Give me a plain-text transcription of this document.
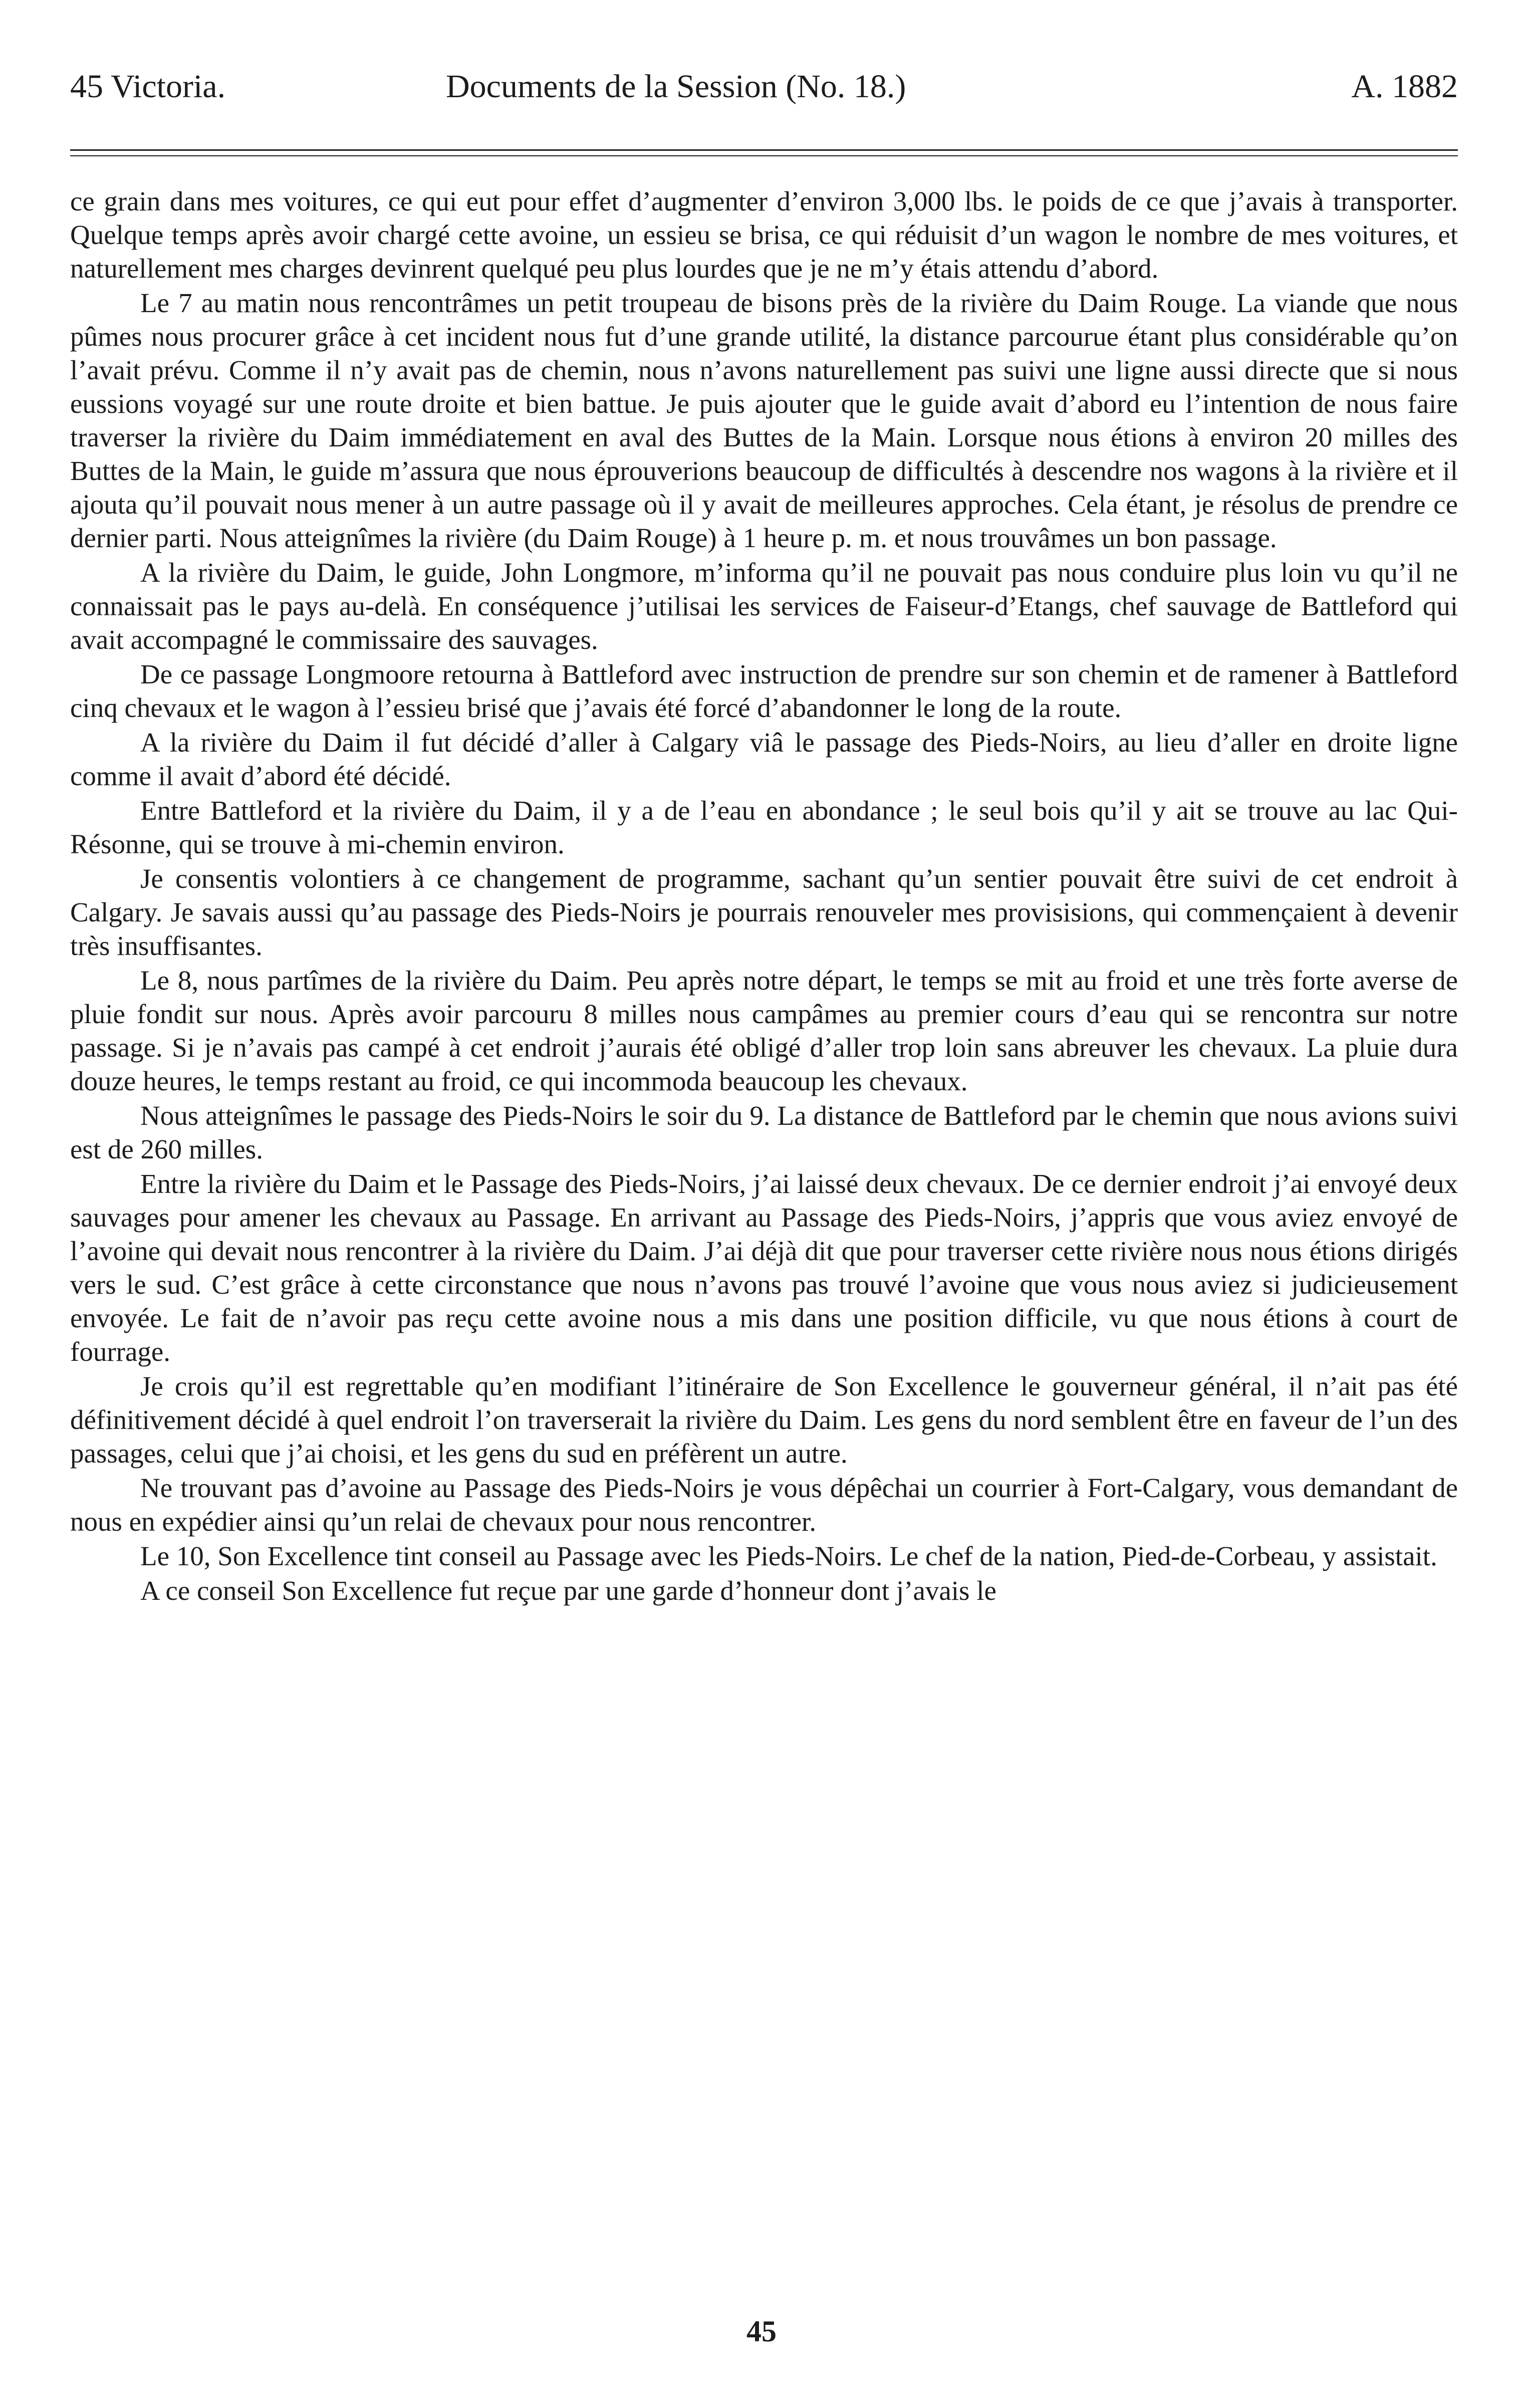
45 Victoria.	Documents de la Session (No. 18.)	A. 1882

ce grain dans mes voitures, ce qui eut pour effet d’augmenter d’environ 3,000 lbs. le poids de ce que j’avais à transporter. Quelque temps après avoir chargé cette avoine, un essieu se brisa, ce qui réduisit d’un wagon le nombre de mes voitures, et naturellement mes charges devinrent quelqué peu plus lourdes que je ne m’y étais attendu d’abord.

Le 7 au matin nous rencontrâmes un petit troupeau de bisons près de la rivière du Daim Rouge. La viande que nous pûmes nous procurer grâce à cet incident nous fut d’une grande utilité, la distance parcourue étant plus considérable qu’on l’avait prévu. Comme il n’y avait pas de chemin, nous n’avons naturellement pas suivi une ligne aussi directe que si nous eussions voyagé sur une route droite et bien battue. Je puis ajouter que le guide avait d’abord eu l’intention de nous faire traverser la rivière du Daim immédiatement en aval des Buttes de la Main. Lorsque nous étions à environ 20 milles des Buttes de la Main, le guide m’assura que nous éprouverions beaucoup de difficultés à descendre nos wagons à la rivière et il ajouta qu’il pouvait nous mener à un autre passage où il y avait de meilleures approches. Cela étant, je résolus de prendre ce dernier parti. Nous atteignîmes la rivière (du Daim Rouge) à 1 heure p. m. et nous trouvâmes un bon passage.

A la rivière du Daim, le guide, John Longmore, m’informa qu’il ne pouvait pas nous conduire plus loin vu qu’il ne connaissait pas le pays au-delà. En conséquence j’utilisai les services de Faiseur-d’Etangs, chef sauvage de Battleford qui avait accompagné le commissaire des sauvages.

De ce passage Longmoore retourna à Battleford avec instruction de prendre sur son chemin et de ramener à Battleford cinq chevaux et le wagon à l’essieu brisé que j’avais été forcé d’abandonner le long de la route.

A la rivière du Daim il fut décidé d’aller à Calgary viâ le passage des Pieds-Noirs, au lieu d’aller en droite ligne comme il avait d’abord été décidé.

Entre Battleford et la rivière du Daim, il y a de l’eau en abondance ; le seul bois qu’il y ait se trouve au lac Qui-Résonne, qui se trouve à mi-chemin environ.

Je consentis volontiers à ce changement de programme, sachant qu’un sentier pouvait être suivi de cet endroit à Calgary. Je savais aussi qu’au passage des Pieds-Noirs je pourrais renouveler mes provisisions, qui commençaient à devenir très insuffisantes.

Le 8, nous partîmes de la rivière du Daim. Peu après notre départ, le temps se mit au froid et une très forte averse de pluie fondit sur nous. Après avoir parcouru 8 milles nous campâmes au premier cours d’eau qui se rencontra sur notre passage. Si je n’avais pas campé à cet endroit j’aurais été obligé d’aller trop loin sans abreuver les chevaux. La pluie dura douze heures, le temps restant au froid, ce qui incommoda beaucoup les chevaux.

Nous atteignîmes le passage des Pieds-Noirs le soir du 9. La distance de Battleford par le chemin que nous avions suivi est de 260 milles.

Entre la rivière du Daim et le Passage des Pieds-Noirs, j’ai laissé deux chevaux. De ce dernier endroit j’ai envoyé deux sauvages pour amener les chevaux au Passage. En arrivant au Passage des Pieds-Noirs, j’appris que vous aviez envoyé de l’avoine qui devait nous rencontrer à la rivière du Daim. J’ai déjà dit que pour traverser cette rivière nous nous étions dirigés vers le sud. C’est grâce à cette circonstance que nous n’avons pas trouvé l’avoine que vous nous aviez si judicieusement envoyée. Le fait de n’avoir pas reçu cette avoine nous a mis dans une position difficile, vu que nous étions à court de fourrage.

Je crois qu’il est regrettable qu’en modifiant l’itinéraire de Son Excellence le gouverneur général, il n’ait pas été définitivement décidé à quel endroit l’on traverserait la rivière du Daim. Les gens du nord semblent être en faveur de l’un des passages, celui que j’ai choisi, et les gens du sud en préfèrent un autre.

Ne trouvant pas d’avoine au Passage des Pieds-Noirs je vous dépêchai un courrier à Fort-Calgary, vous demandant de nous en expédier ainsi qu’un relai de chevaux pour nous rencontrer.

Le 10, Son Excellence tint conseil au Passage avec les Pieds-Noirs. Le chef de la nation, Pied-de-Corbeau, y assistait.

A ce conseil Son Excellence fut reçue par une garde d’honneur dont j’avais le

45
